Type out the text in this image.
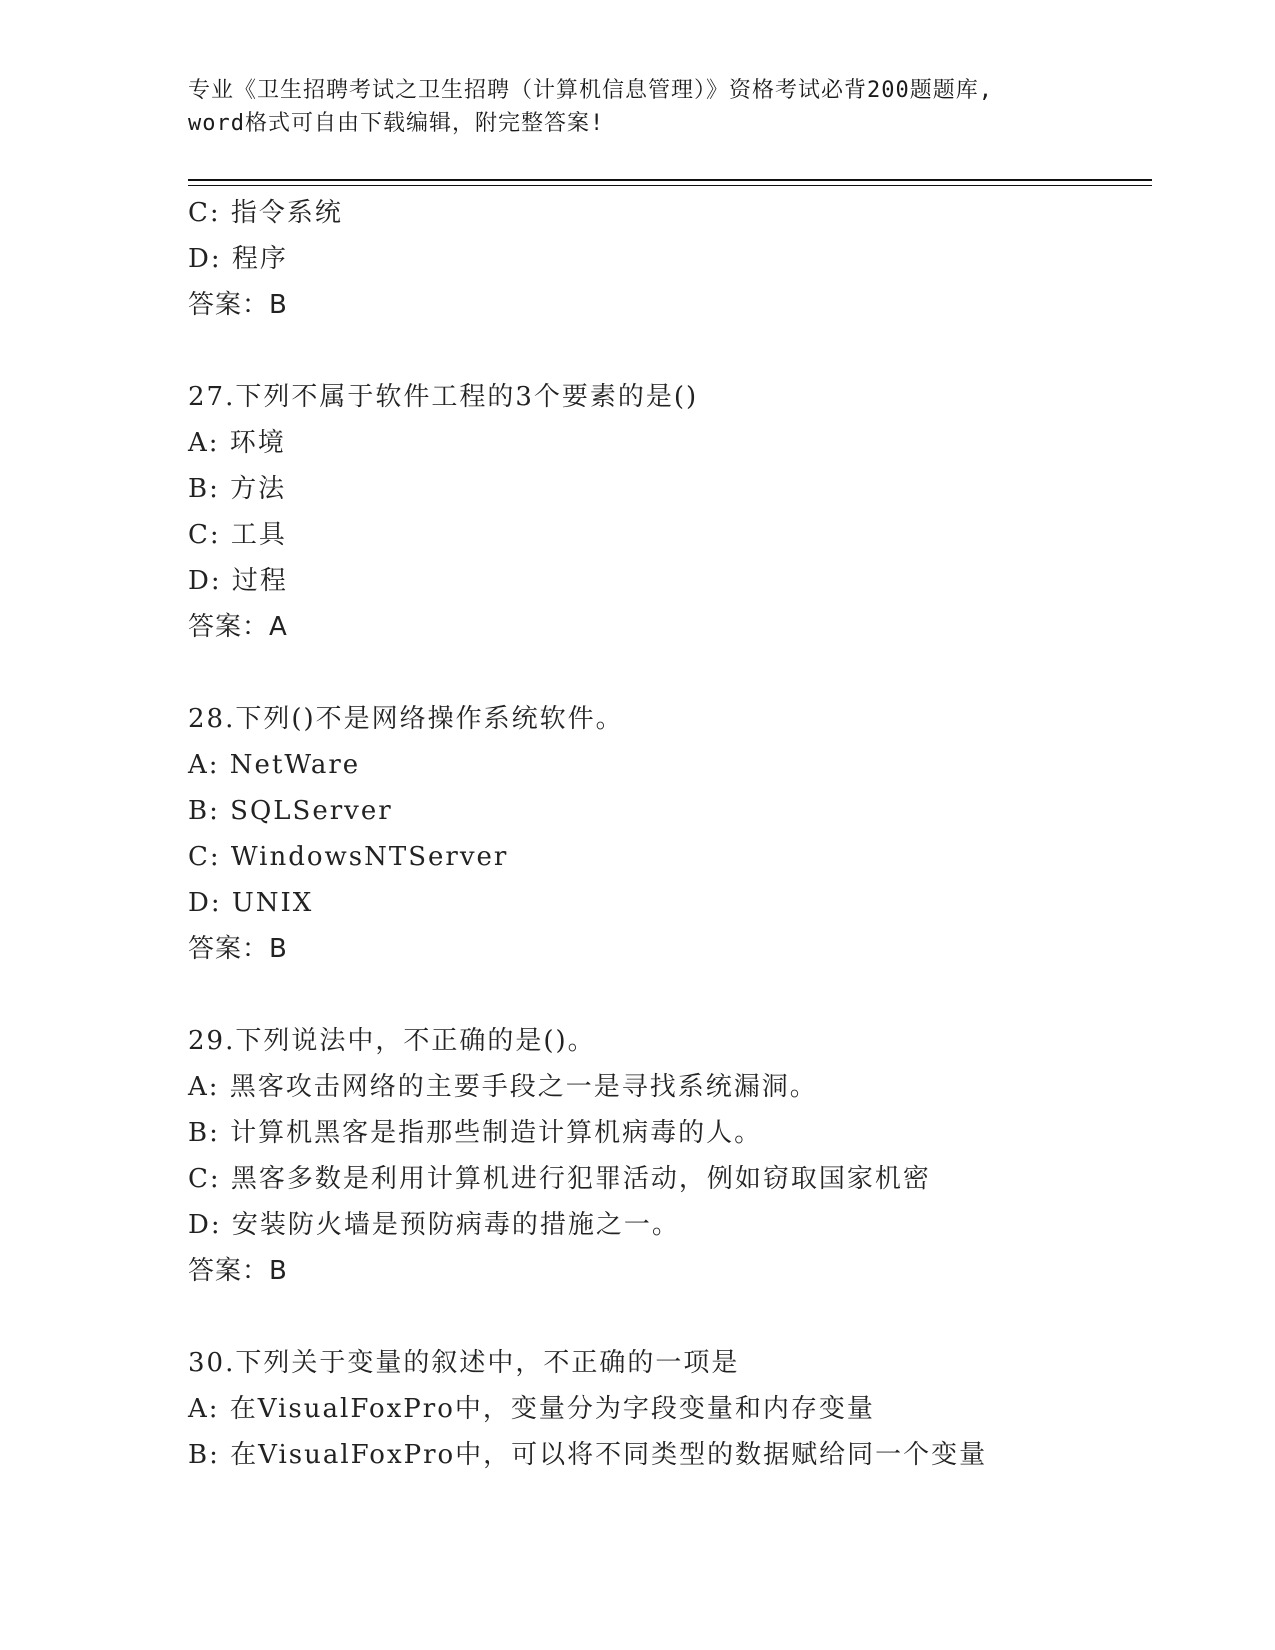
专业《卫生招聘考试之卫生招聘（计算机信息管理）》资格考试必背200题题库,
word格式可自由下载编辑，附完整答案!
C: 指令系统
D: 程序
答案：B
27.下列不属于软件工程的3个要素的是()
A: 环境
B: 方法
C: 工具
D: 过程
答案：A
28.下列()不是网络操作系统软件。
A: NetWare
B: SQLServer
C: WindowsNTServer
D: UNIX
答案：B
29.下列说法中，不正确的是()。
A: 黑客攻击网络的主要手段之一是寻找系统漏洞。
B: 计算机黑客是指那些制造计算机病毒的人。
C: 黑客多数是利用计算机进行犯罪活动，例如窃取国家机密
D: 安装防火墙是预防病毒的措施之一。
答案：B
30.下列关于变量的叙述中，不正确的一项是
A: 在VisualFoxPro中，变量分为字段变量和内存变量
B: 在VisualFoxPro中，可以将不同类型的数据赋给同一个变量
